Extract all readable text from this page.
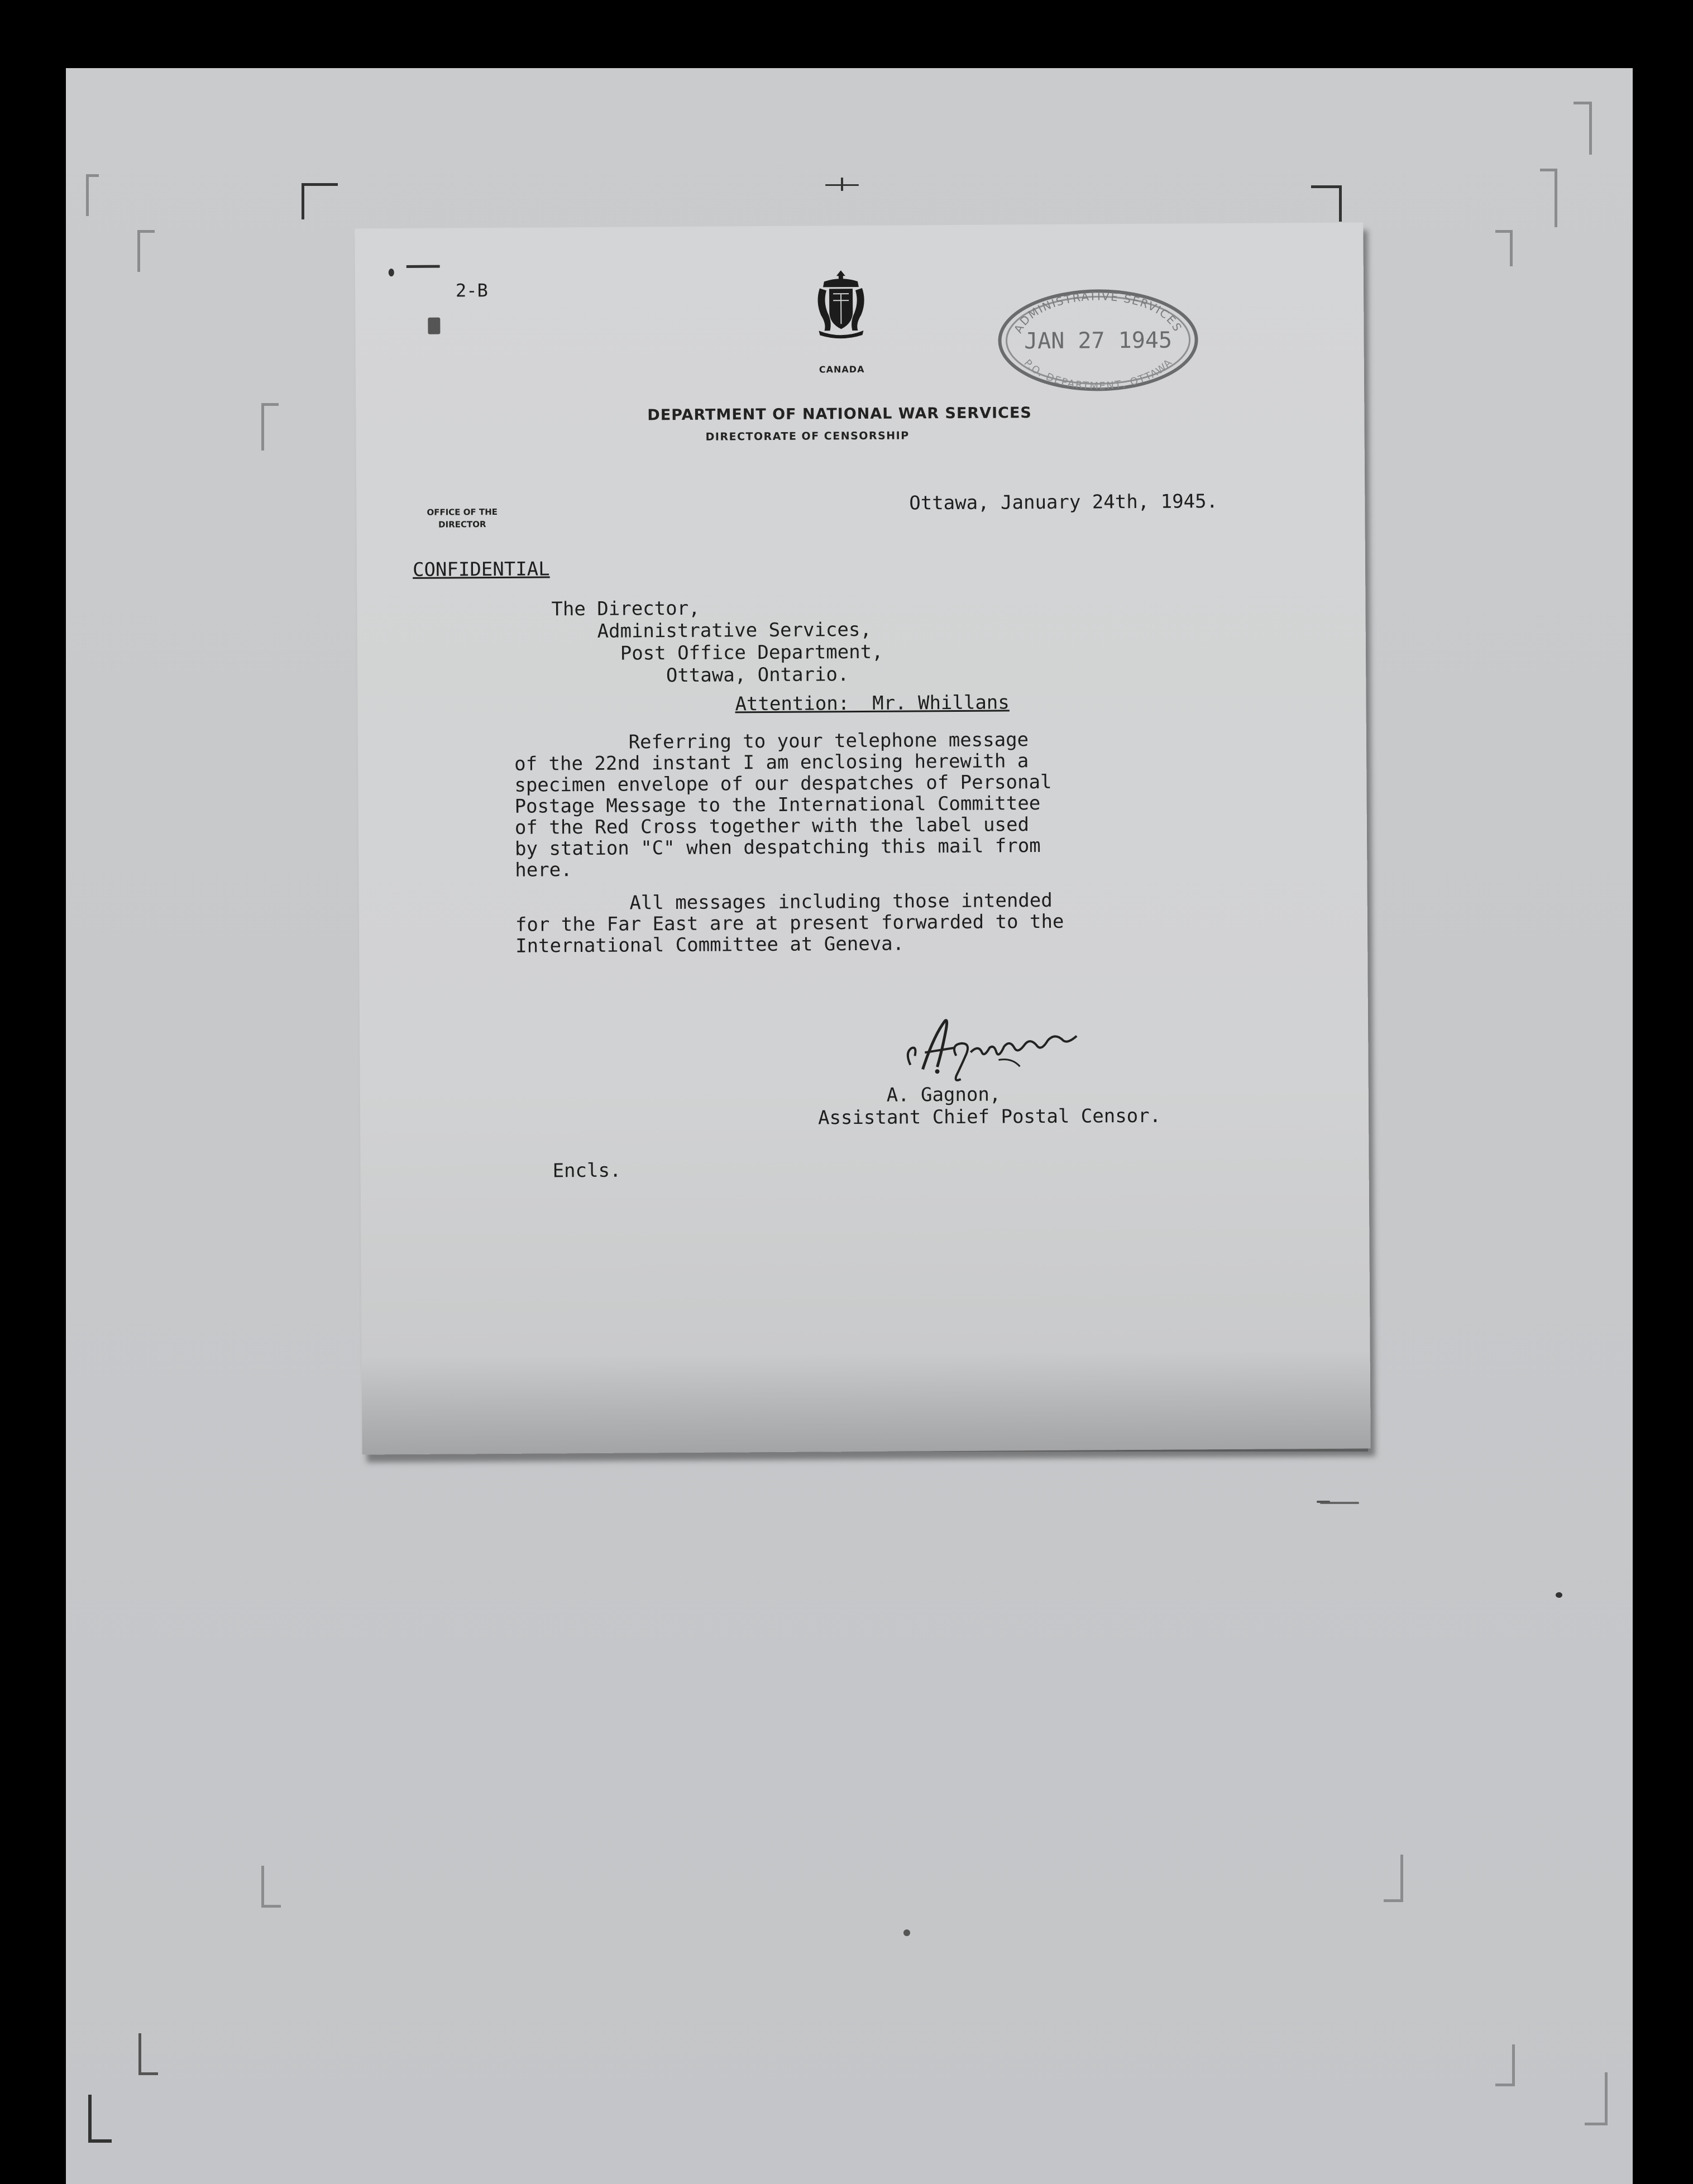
2-B
CANADA
ADMINISTRATIVE SERVICES
JAN 27 1945
P.O. DEPARTMENT, OTTAWA
DEPARTMENT OF NATIONAL WAR SERVICES
DIRECTORATE OF CENSORSHIP
OFFICE OF THE
DIRECTOR
Ottawa, January 24th, 1945.
CONFIDENTIAL
The Director,
Administrative Services,
Post Office Department,
Ottawa, Ontario.
Attention:  Mr. Whillans
Referring to your telephone message
of the 22nd instant I am enclosing herewith a
specimen envelope of our despatches of Personal
Postage Message to the International Committee
of the Red Cross together with the label used
by station "C" when despatching this mail from
here.
All messages including those intended
for the Far East are at present forwarded to the
International Committee at Geneva.
A. Gagnon,
Assistant Chief Postal Censor.
Encls.
